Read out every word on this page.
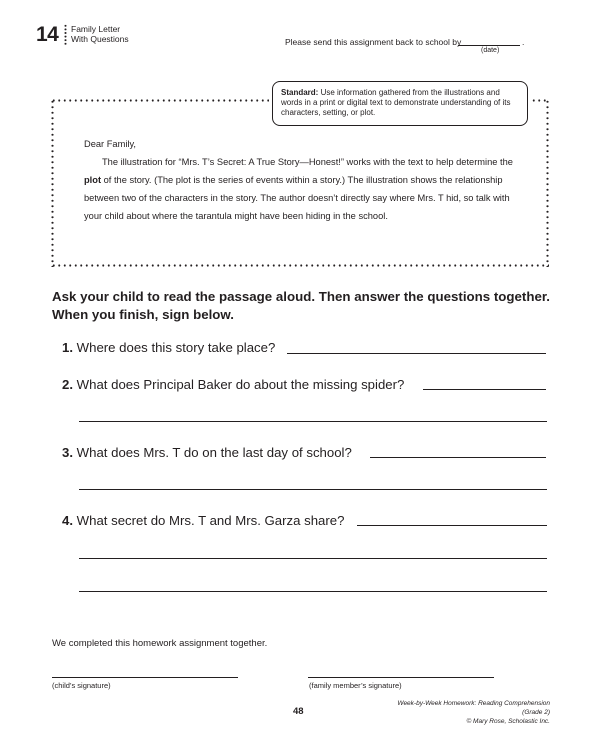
14 Family Letter
With Questions	Please send this assignment back to school by	.
(date)
Standard: Use information gathered from the illustrations and words in a print or digital text to demonstrate understanding of its characters, setting, or plot.

Dear Family,

The illustration for “Mrs. T’s Secret: A True Story—Honest!” works with the text to help determine the plot of the story. (The plot is the series of events within a story.) The illustration shows the relationship between two of the characters in the story. The author doesn’t directly say where Mrs. T hid, so talk with your child about where the tarantula might have been hiding in the school.

Ask your child to read the passage aloud. Then answer the questions together. When you finish, sign below.
1. Where does this story take place?
2. What does Principal Baker do about the missing spider?
3. What does Mrs. T do on the last day of school?
4. What secret do Mrs. T and Mrs. Garza share?
We completed this homework assignment together.
(child’s signature)	(family member’s signature)
48
Week-by-Week Homework: Reading Comprehension (Grade 2)
© Mary Rose, Scholastic Inc.
